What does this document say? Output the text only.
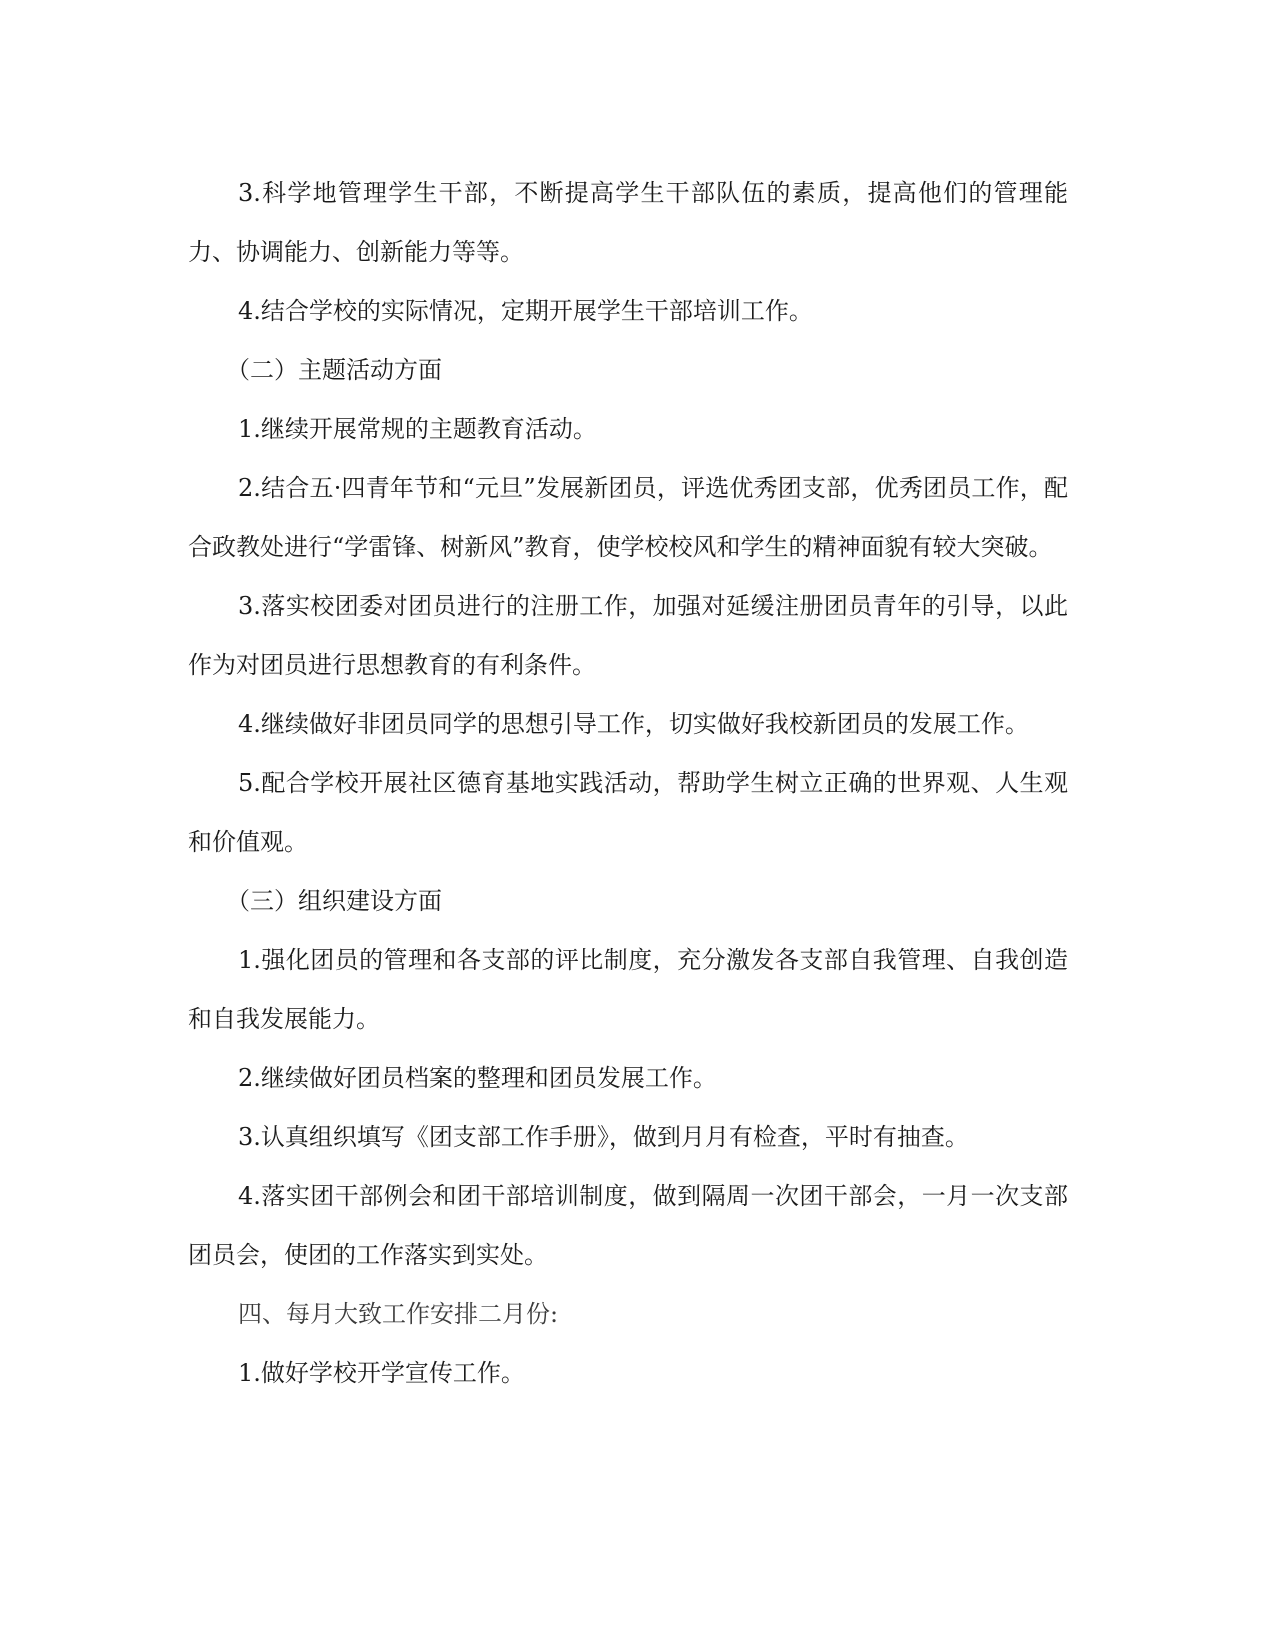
3.科学地管理学生干部，不断提高学生干部队伍的素质，提高他们的管理能力、协调能力、创新能力等等。

4.结合学校的实际情况，定期开展学生干部培训工作。

（二）主题活动方面

1.继续开展常规的主题教育活动。

2.结合五·四青年节和“元旦”发展新团员，评选优秀团支部，优秀团员工作，配合政教处进行“学雷锋、树新风”教育，使学校校风和学生的精神面貌有较大突破。

3.落实校团委对团员进行的注册工作，加强对延缓注册团员青年的引导，以此作为对团员进行思想教育的有利条件。

4.继续做好非团员同学的思想引导工作，切实做好我校新团员的发展工作。

5.配合学校开展社区德育基地实践活动，帮助学生树立正确的世界观、人生观和价值观。

（三）组织建设方面

1.强化团员的管理和各支部的评比制度，充分激发各支部自我管理、自我创造和自我发展能力。

2.继续做好团员档案的整理和团员发展工作。

3.认真组织填写《团支部工作手册》，做到月月有检查，平时有抽查。

4.落实团干部例会和团干部培训制度，做到隔周一次团干部会，一月一次支部团员会，使团的工作落实到实处。

四、每月大致工作安排二月份:

1.做好学校开学宣传工作。
